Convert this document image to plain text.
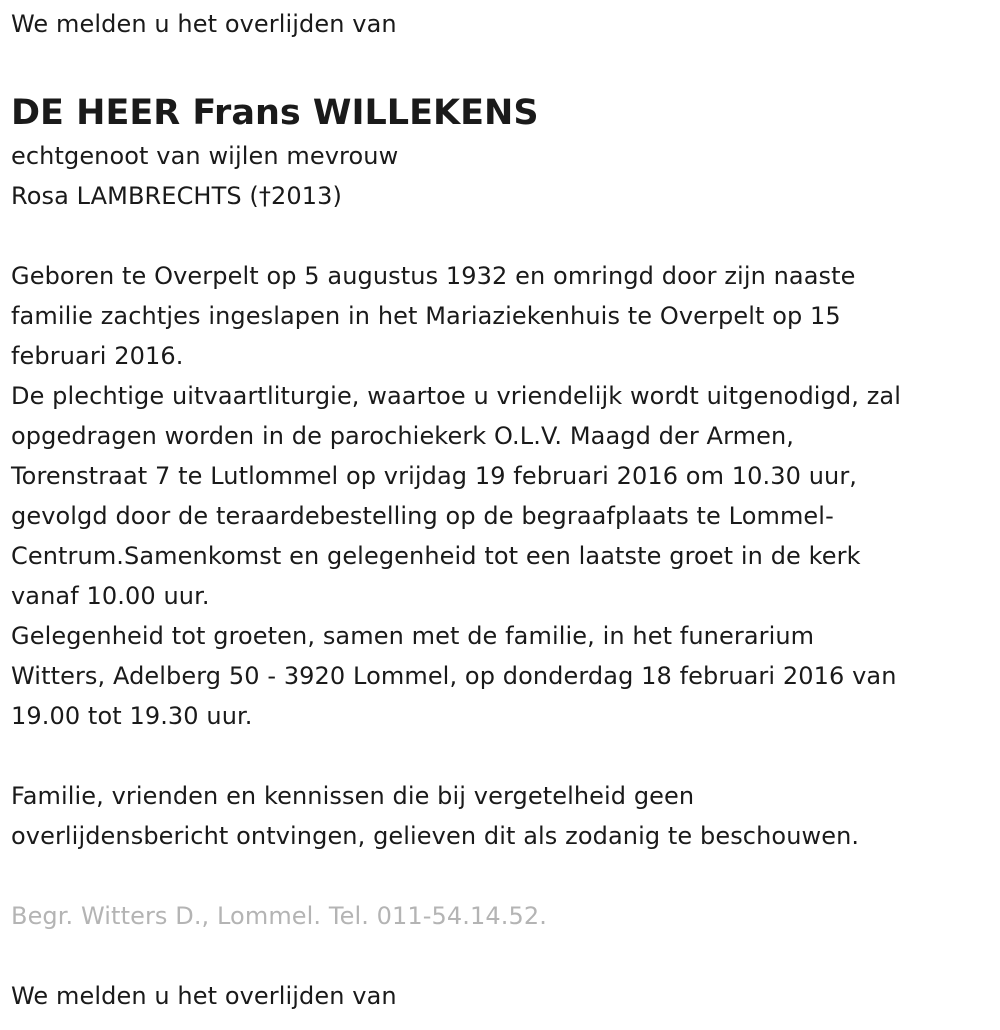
We melden u het overlijden van
DE HEER Frans WILLEKENS
echtgenoot van wijlen mevrouw
Rosa LAMBRECHTS (†2013)
Geboren te Overpelt op 5 augustus 1932 en omringd door zijn naaste
familie zachtjes ingeslapen in het Mariaziekenhuis te Overpelt op 15
februari 2016.
De plechtige uitvaartliturgie, waartoe u vriendelijk wordt uitgenodigd, zal
opgedragen worden in de parochiekerk O.L.V. Maagd der Armen,
Torenstraat 7 te Lutlommel op vrijdag 19 februari 2016 om 10.30 uur,
gevolgd door de teraardebestelling op de begraafplaats te Lommel-
Centrum.Samenkomst en gelegenheid tot een laatste groet in de kerk
vanaf 10.00 uur.
Gelegenheid tot groeten, samen met de familie, in het funerarium
Witters, Adelberg 50 - 3920 Lommel, op donderdag 18 februari 2016 van
19.00 tot 19.30 uur.
Familie, vrienden en kennissen die bij vergetelheid geen
overlijdensbericht ontvingen, gelieven dit als zodanig te beschouwen.
Begr. Witters D., Lommel. Tel. 011-54.14.52.
We melden u het overlijden van
